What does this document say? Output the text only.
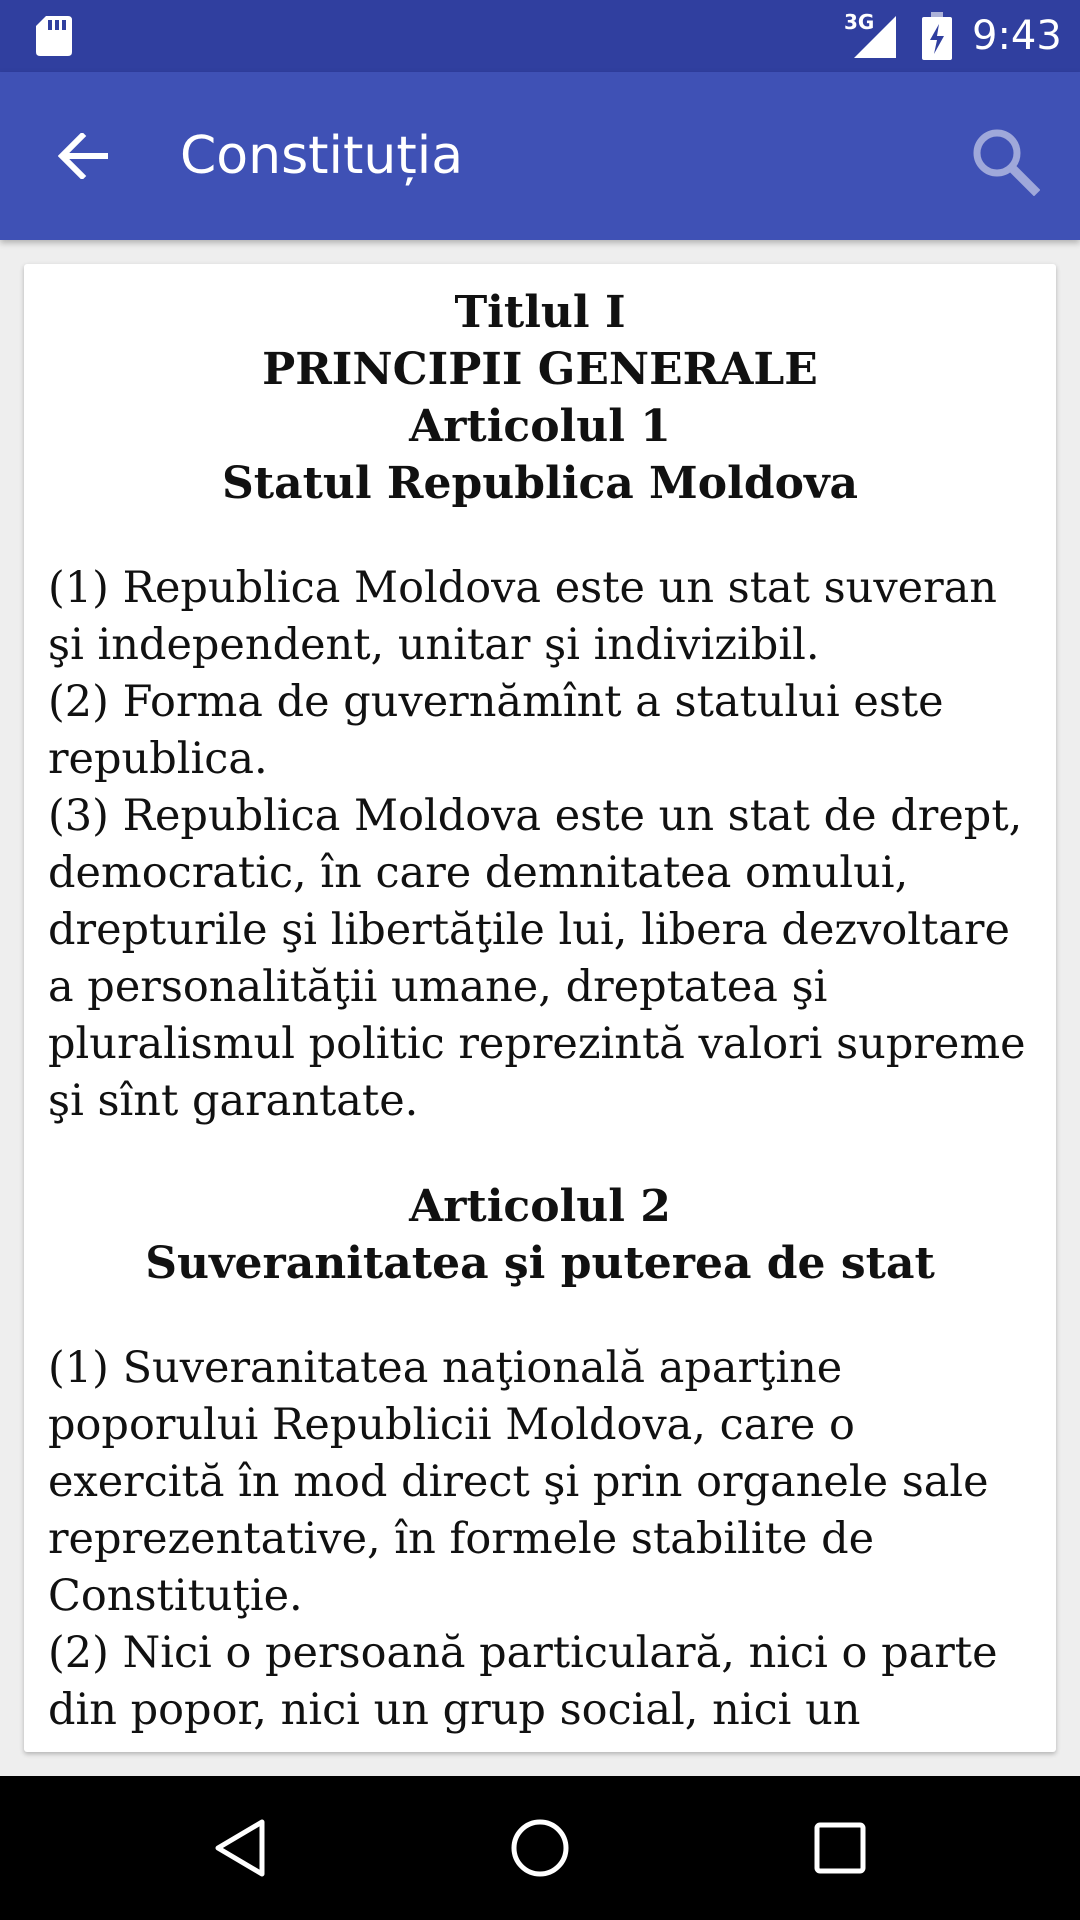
3G 9:43
Constituția
Titlul I
PRINCIPII GENERALE
Articolul 1
Statul Republica Moldova

(1) Republica Moldova este un stat suveran şi independent, unitar şi indivizibil.

(2) Forma de guvernămînt a statului este republica.

(3) Republica Moldova este un stat de drept, democratic, în care demnitatea omului, drepturile şi libertăţile lui, libera dezvoltare a personalităţii umane, dreptatea şi pluralismul politic reprezintă valori supreme şi sînt garantate.

Articolul 2
Suveranitatea şi puterea de stat

(1) Suveranitatea naţională aparţine poporului Republicii Moldova, care o exercită în mod direct şi prin organele sale reprezentative, în formele stabilite de Constituţie.

(2) Nici o persoană particulară, nici o parte din popor, nici un grup social, nici un
